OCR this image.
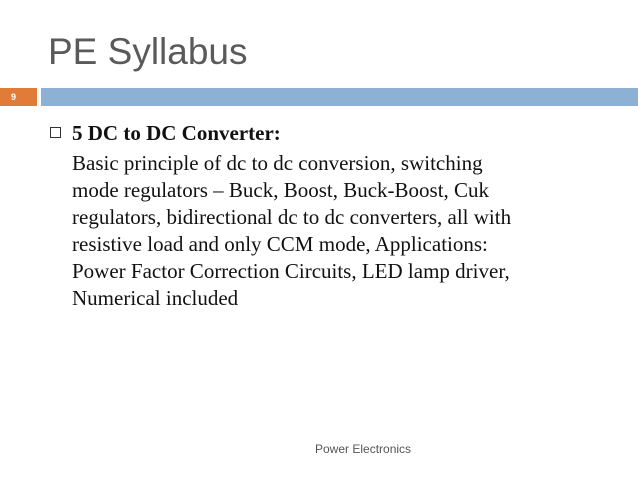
PE Syllabus
9
5 DC to DC Converter:
Basic principle of dc to dc conversion, switching
mode regulators – Buck, Boost, Buck-Boost, Cuk
regulators, bidirectional dc to dc converters, all with
resistive load and only CCM mode, Applications:
Power Factor Correction Circuits, LED lamp driver,
Numerical included
Power Electronics
